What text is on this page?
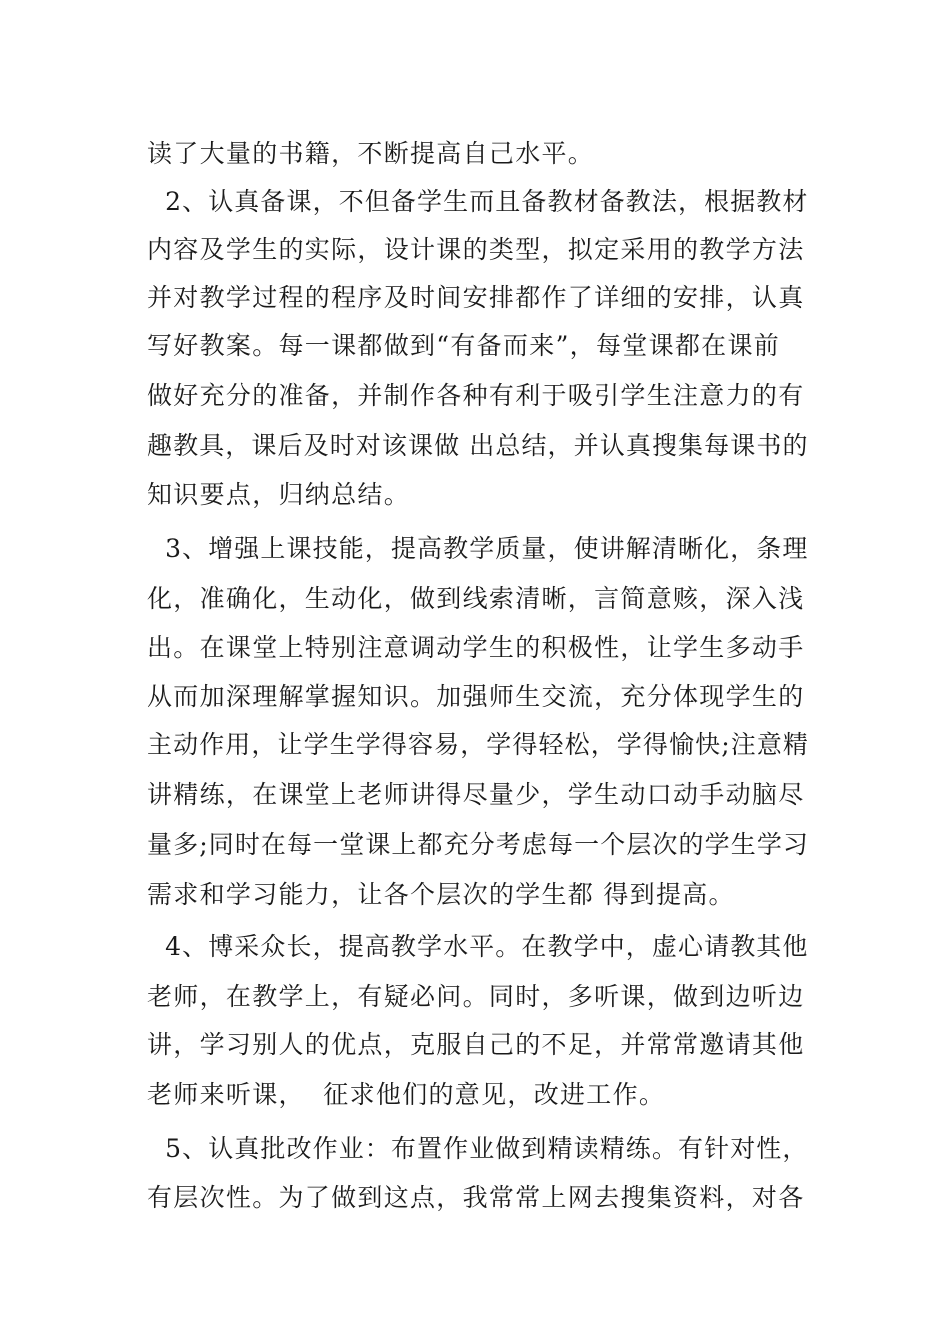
读了大量的书籍，不断提高自己水平。
2、认真备课，不但备学生而且备教材备教法，根据教材
内容及学生的实际，设计课的类型，拟定采用的教学方法
并对教学过程的程序及时间安排都作了详细的安排，认真
写好教案。每一课都做到“有备而来”，每堂课都在课前
做好充分的准备，并制作各种有利于吸引学生注意力的有
趣教具，课后及时对该课做 出总结，并认真搜集每课书的
知识要点，归纳总结。
3、增强上课技能，提高教学质量，使讲解清晰化，条理
化，准确化，生动化，做到线索清晰，言简意赅，深入浅
出。在课堂上特别注意调动学生的积极性，让学生多动手
从而加深理解掌握知识。加强师生交流，充分体现学生的
主动作用，让学生学得容易，学得轻松，学得愉快;注意精
讲精练，在课堂上老师讲得尽量少，学生动口动手动脑尽
量多;同时在每一堂课上都充分考虑每一个层次的学生学习
需求和学习能力，让各个层次的学生都 得到提高。
4、博采众长，提高教学水平。在教学中，虚心请教其他
老师，在教学上，有疑必问。同时，多听课，做到边听边
讲，学习别人的优点，克服自己的不足，并常常邀请其他
老师来听课，  征求他们的意见，改进工作。
5、认真批改作业：布置作业做到精读精练。有针对性，
有层次性。为了做到这点，我常常上网去搜集资料，对各
